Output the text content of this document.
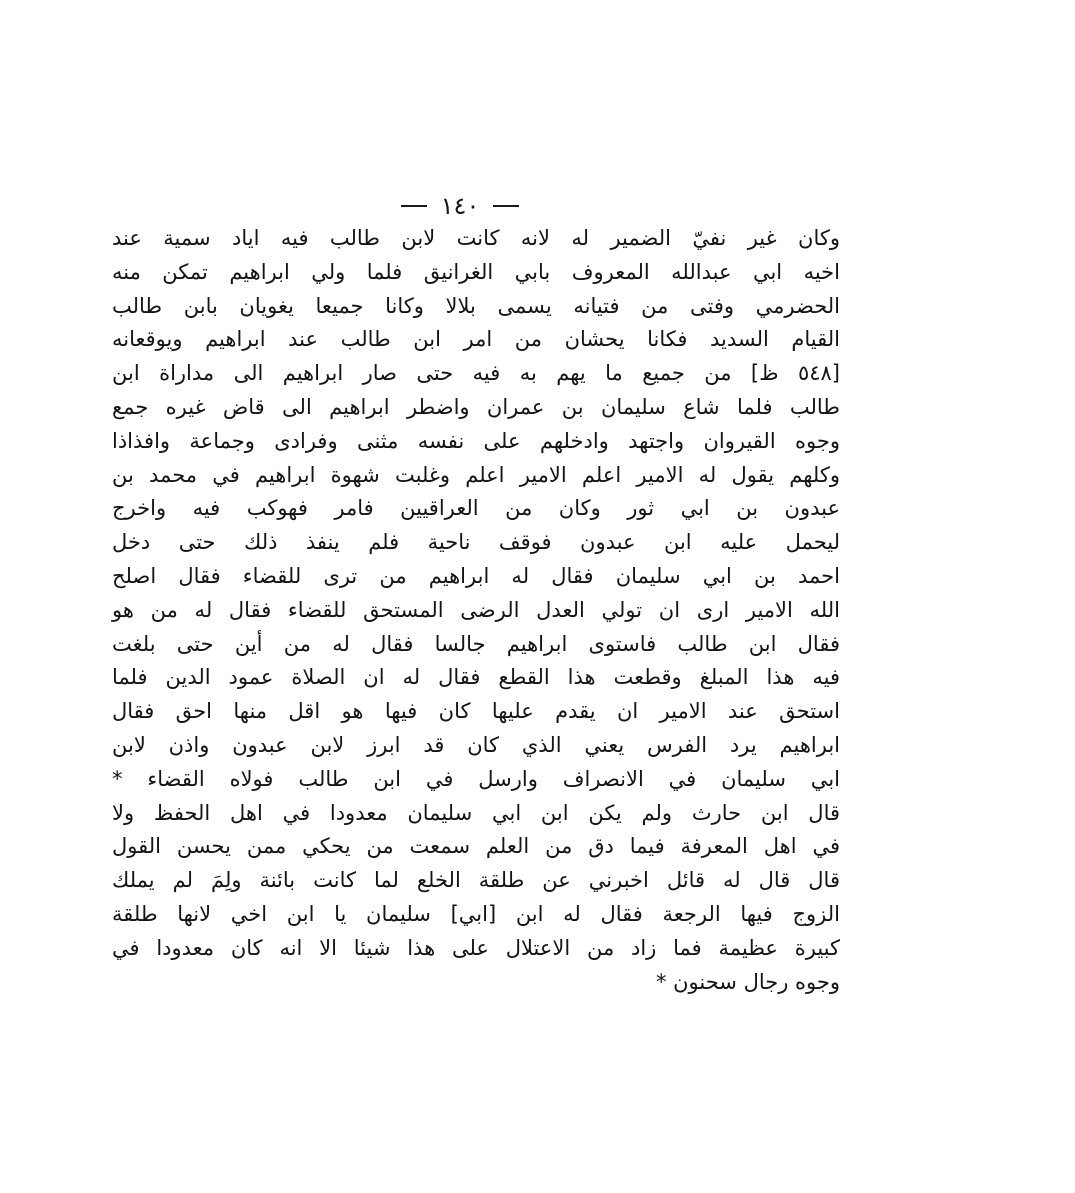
١٤٠
وكان غير نفيّ الضمير له لانه كانت لابن طالب فيه اياد سمية عند
اخيه ابي عبدالله المعروف بابي الغرانيق فلما ولي ابراهيم تمكن منه
الحضرمي وفتى من فتيانه يسمى بلالا وكانا جميعا يغويان بابن طالب
القيام السديد فكانا يحشان من امر ابن طالب عند ابراهيم ويوقعانه
[٥٤٨ ظ] من جميع ما يهم به فيه حتى صار ابراهيم الى مداراة ابن
طالب فلما شاع سليمان بن عمران واضطر ابراهيم الى قاض غيره جمع
وجوه القيروان واجتهد وادخلهم على نفسه مثنى وفرادى وجماعة وافذاذا
وكلهم يقول له الامير اعلم الامير اعلم وغلبت شهوة ابراهيم في محمد بن
عبدون بن ابي ثور وكان من العراقيين فامر فهوكب فيه واخرج
ليحمل عليه ابن عبدون فوقف ناحية فلم ينفذ ذلك حتى دخل
احمد بن ابي سليمان فقال له ابراهيم من ترى للقضاء فقال اصلح
الله الامير ارى ان تولي العدل الرضى المستحق للقضاء فقال له من هو
فقال ابن طالب فاستوى ابراهيم جالسا فقال له من أين حتى بلغت
فيه هذا المبلغ وقطعت هذا القطع فقال له ان الصلاة عمود الدين فلما
استحق عند الامير ان يقدم عليها كان فيها هو اقل منها احق فقال
ابراهيم يرد الفرس يعني الذي كان قد ابرز لابن عبدون واذن لابن
ابي سليمان في الانصراف وارسل في ابن طالب فولاه القضاء *
قال ابن حارث ولم يكن ابن ابي سليمان معدودا في اهل الحفظ ولا
في اهل المعرفة فيما دق من العلم سمعت من يحكي ممن يحسن القول
قال قال له قائل اخبرني عن طلقة الخلع لما كانت بائنة ولِمَ لم يملك
الزوج فيها الرجعة فقال له ابن [ابي] سليمان يا ابن اخي لانها طلقة
كبيرة عظيمة فما زاد من الاعتلال على هذا شيئا الا انه كان معدودا في
وجوه رجال سحنون *
